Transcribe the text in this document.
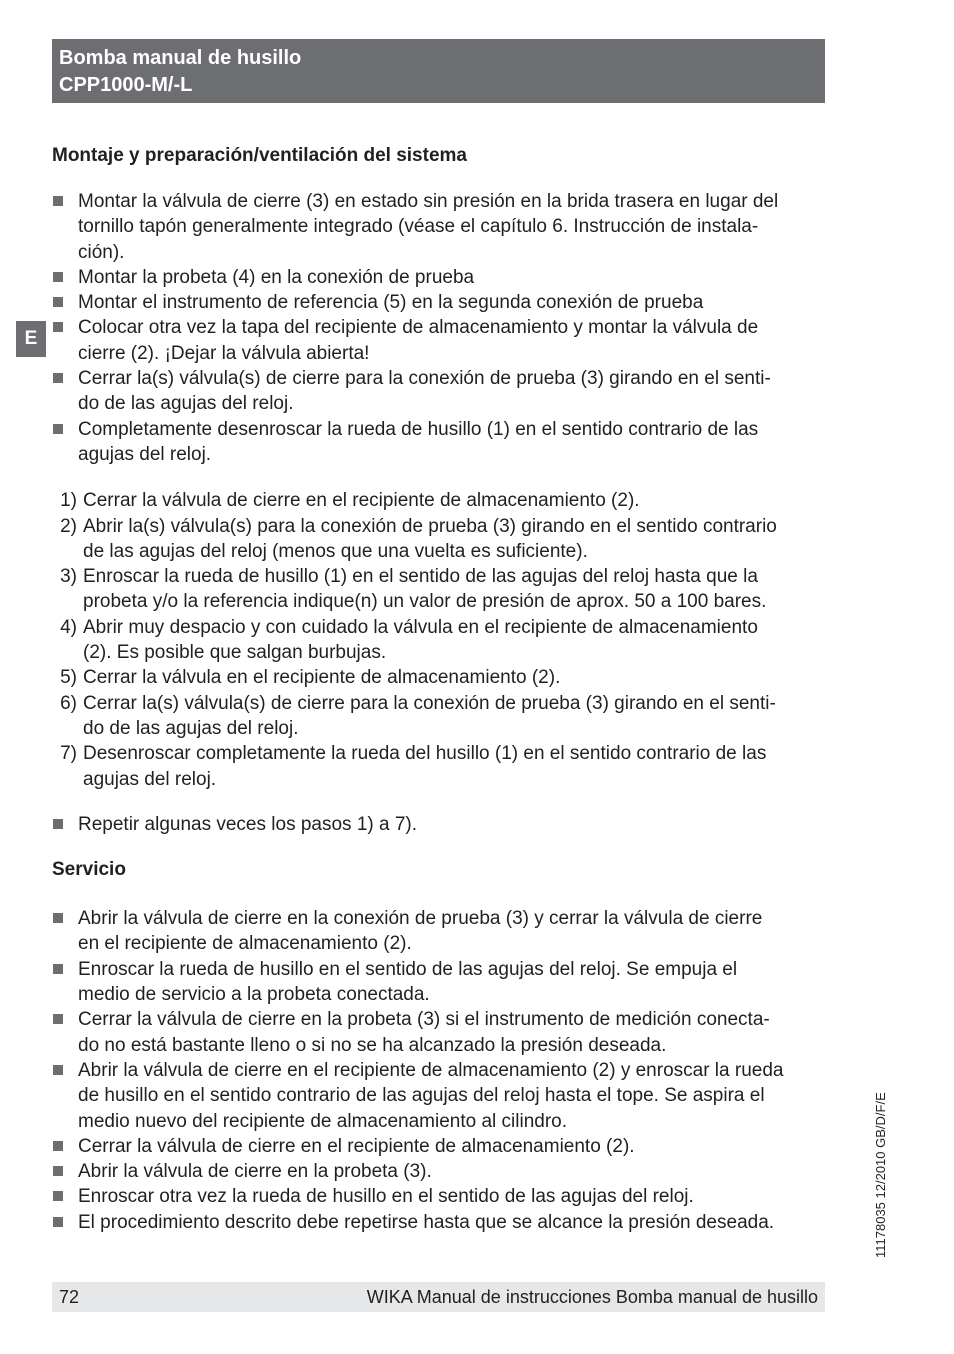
Bomba manual de husillo
CPP1000-M/-L
E
Montaje y preparación/ventilación del sistema
Montar la válvula de cierre (3) en estado sin presión en la brida trasera en lugar del
tornillo tapón generalmente integrado (véase el capítulo 6. Instrucción de instala-
ción).
Montar la probeta (4) en la conexión de prueba
Montar el instrumento de referencia (5) en la segunda conexión de prueba
Colocar otra vez la tapa del recipiente de almacenamiento y montar la válvula de
cierre (2). ¡Dejar la válvula abierta!
Cerrar la(s) válvula(s) de cierre para la conexión de prueba (3) girando en el senti-
do de las agujas del reloj.
Completamente desenroscar la rueda de husillo (1) en el sentido contrario de las
agujas del reloj.
1) Cerrar la válvula de cierre en el recipiente de almacenamiento (2).
2) Abrir la(s) válvula(s) para la conexión de prueba (3) girando en el sentido contrario
de las agujas del reloj (menos que una vuelta es suficiente).
3) Enroscar la rueda de husillo (1) en el sentido de las agujas del reloj hasta que la
probeta y/o la referencia indique(n) un valor de presión de aprox. 50 a 100 bares.
4) Abrir muy despacio y con cuidado la válvula en el recipiente de almacenamiento
(2). Es posible que salgan burbujas.
5) Cerrar la válvula en el recipiente de almacenamiento (2).
6) Cerrar la(s) válvula(s) de cierre para la conexión de prueba (3) girando en el senti-
do de las agujas del reloj.
7) Desenroscar completamente la rueda del husillo (1) en el sentido contrario de las
agujas del reloj.
Repetir algunas veces los pasos 1) a 7).
Servicio
Abrir la válvula de cierre en la conexión de prueba (3) y cerrar la válvula de cierre
en el recipiente de almacenamiento (2).
Enroscar la rueda de husillo en el sentido de las agujas del reloj. Se empuja el
medio de servicio a la probeta conectada.
Cerrar la válvula de cierre en la probeta (3) si el instrumento de medición conecta-
do no está bastante lleno o si no se ha alcanzado la presión deseada.
Abrir la válvula de cierre en el recipiente de almacenamiento (2) y enroscar la rueda
de husillo en el sentido contrario de las agujas del reloj hasta el tope. Se aspira el
medio nuevo del recipiente de almacenamiento al cilindro.
Cerrar la válvula de cierre en el recipiente de almacenamiento (2).
Abrir la válvula de cierre en la probeta (3).
Enroscar otra vez la rueda de husillo en el sentido de las agujas del reloj.
El procedimiento descrito debe repetirse hasta que se alcance la presión deseada.	11178035 12/2010 GB/D/F/E
72	WIKA Manual de instrucciones Bomba manual de husillo
